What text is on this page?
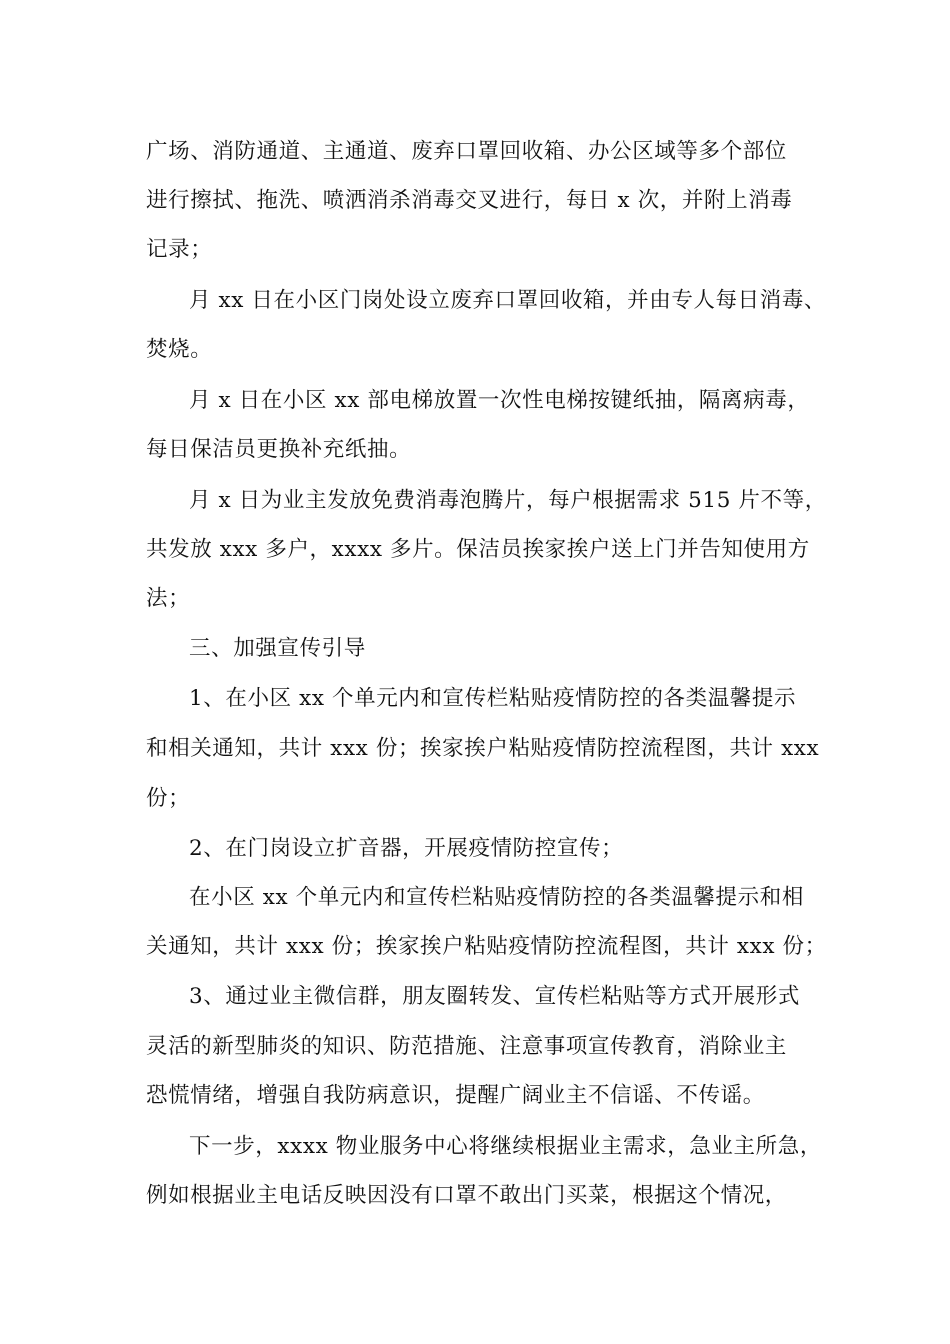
广场、消防通道、主通道、废弃口罩回收箱、办公区域等多个部位
进行擦拭、拖洗、喷洒消杀消毒交叉进行，每日 x 次，并附上消毒
记录；
月 xx 日在小区门岗处设立废弃口罩回收箱，并由专人每日消毒、
焚烧。
月 x 日在小区 xx 部电梯放置一次性电梯按键纸抽，隔离病毒，
每日保洁员更换补充纸抽。
月 x 日为业主发放免费消毒泡腾片，每户根据需求 515 片不等，
共发放 xxx 多户，xxxx 多片。保洁员挨家挨户送上门并告知使用方
法；
三、加强宣传引导
1、在小区 xx 个单元内和宣传栏粘贴疫情防控的各类温馨提示
和相关通知，共计 xxx 份；挨家挨户粘贴疫情防控流程图，共计 xxx
份；
2、在门岗设立扩音器，开展疫情防控宣传；
在小区 xx 个单元内和宣传栏粘贴疫情防控的各类温馨提示和相
关通知，共计 xxx 份；挨家挨户粘贴疫情防控流程图，共计 xxx 份；
3、通过业主微信群，朋友圈转发、宣传栏粘贴等方式开展形式
灵活的新型肺炎的知识、防范措施、注意事项宣传教育，消除业主
恐慌情绪，增强自我防病意识，提醒广阔业主不信谣、不传谣。
下一步，xxxx 物业服务中心将继续根据业主需求，急业主所急，
例如根据业主电话反映因没有口罩不敢出门买菜，根据这个情况，
